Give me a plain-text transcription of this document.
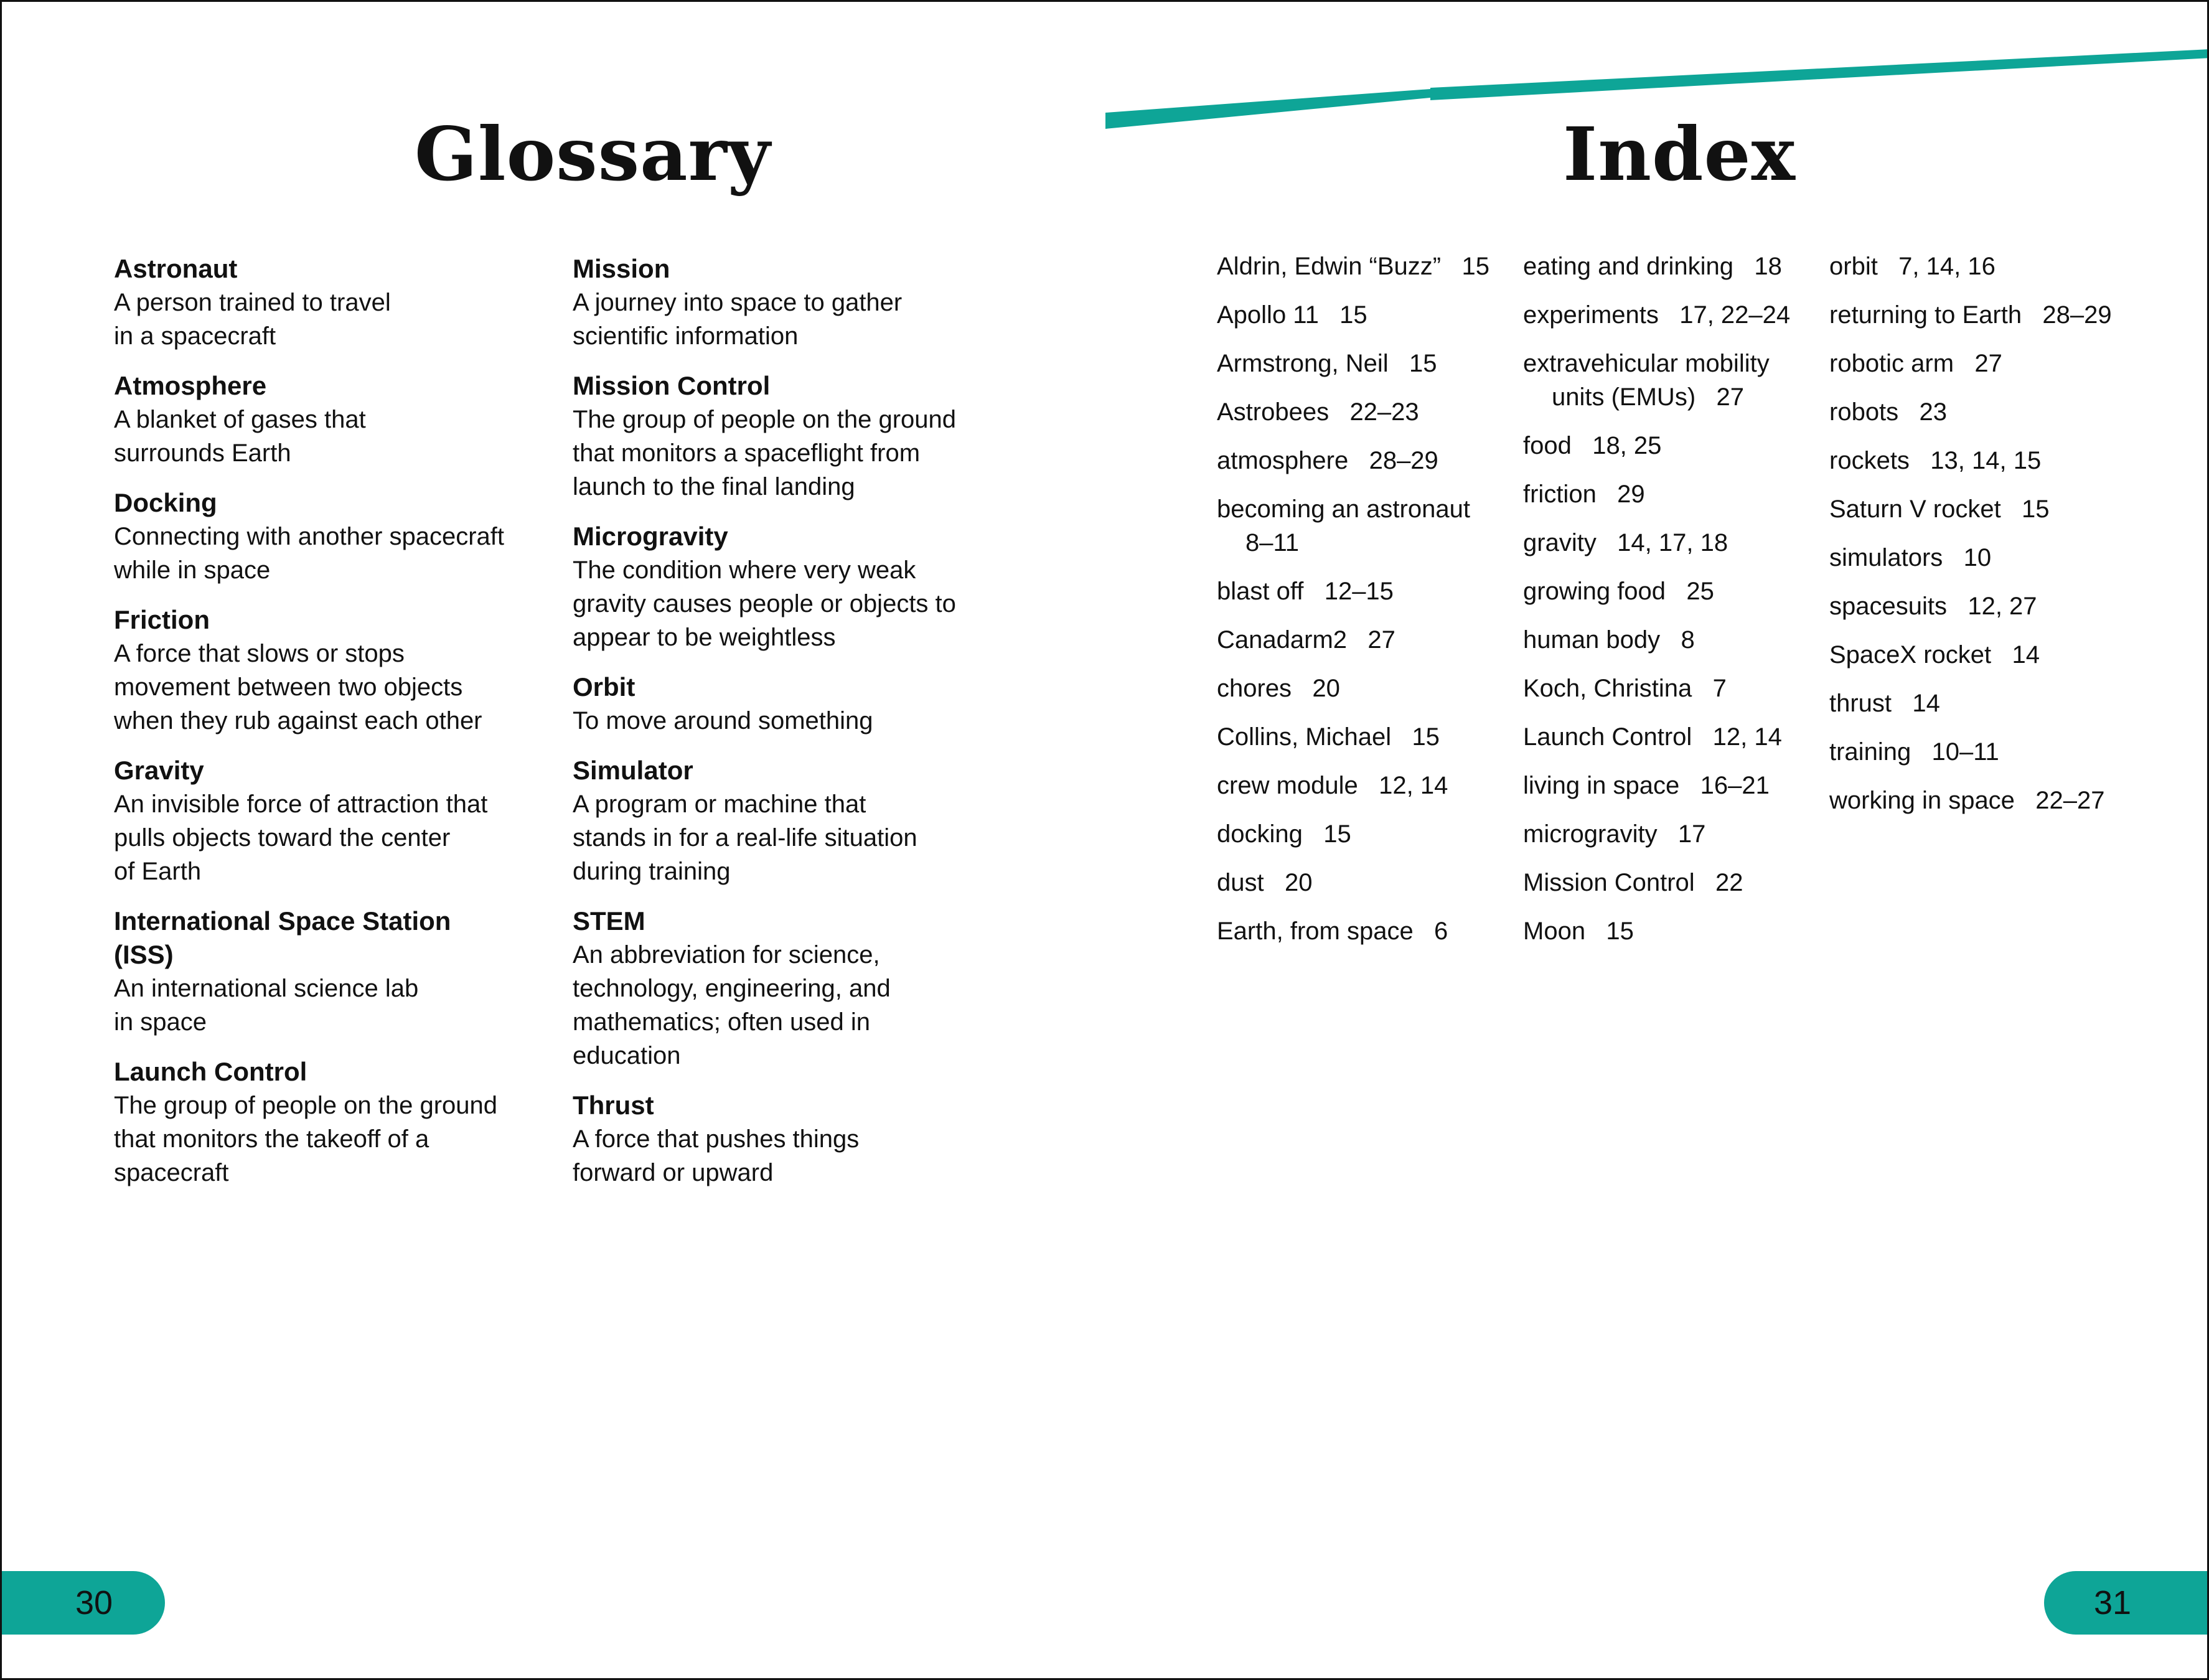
Glossary	Index

Astronaut

A person trained to travel
in a spacecraft

Atmosphere

A blanket of gases that
surrounds Earth

Docking

Connecting with another spacecraft
while in space

Friction

A force that slows or stops
movement between two objects
when they rub against each other

Gravity

An invisible force of attraction that
pulls objects toward the center
of Earth

International Space Station
(ISS)

An international science lab
in space

Launch Control

The group of people on the ground
that monitors the takeoff of a
spacecraft

Mission

A journey into space to gather
scientific information

Mission Control

The group of people on the ground
that monitors a spaceflight from
launch to the final landing

Microgravity

The condition where very weak
gravity causes people or objects to
appear to be weightless

Orbit

To move around something

Simulator

A program or machine that
stands in for a real-life situation
during training

STEM

An abbreviation for science,
technology, engineering, and
mathematics; often used in
education

Thrust

A force that pushes things
forward or upward

Aldrin, Edwin “Buzz”   15

Apollo 11   15

Armstrong, Neil   15

Astrobees   22–23

atmosphere   28–29

becoming an astronaut   8–11

blast off   12–15

Canadarm2   27

chores   20

Collins, Michael   15

crew module   12, 14

docking   15

dust   20

Earth, from space   6

eating and drinking   18

experiments   17, 22–24

extravehicular mobility units (EMUs)   27

food   18, 25

friction   29

gravity   14, 17, 18

growing food   25

human body   8

Koch, Christina   7

Launch Control   12, 14

living in space   16–21

microgravity   17

Mission Control   22

Moon   15

orbit   7, 14, 16

returning to Earth   28–29

robotic arm   27

robots   23

rockets   13, 14, 15

Saturn V rocket   15

simulators   10

spacesuits   12, 27

SpaceX rocket   14

thrust   14

training   10–11

working in space   22–27

30	31
